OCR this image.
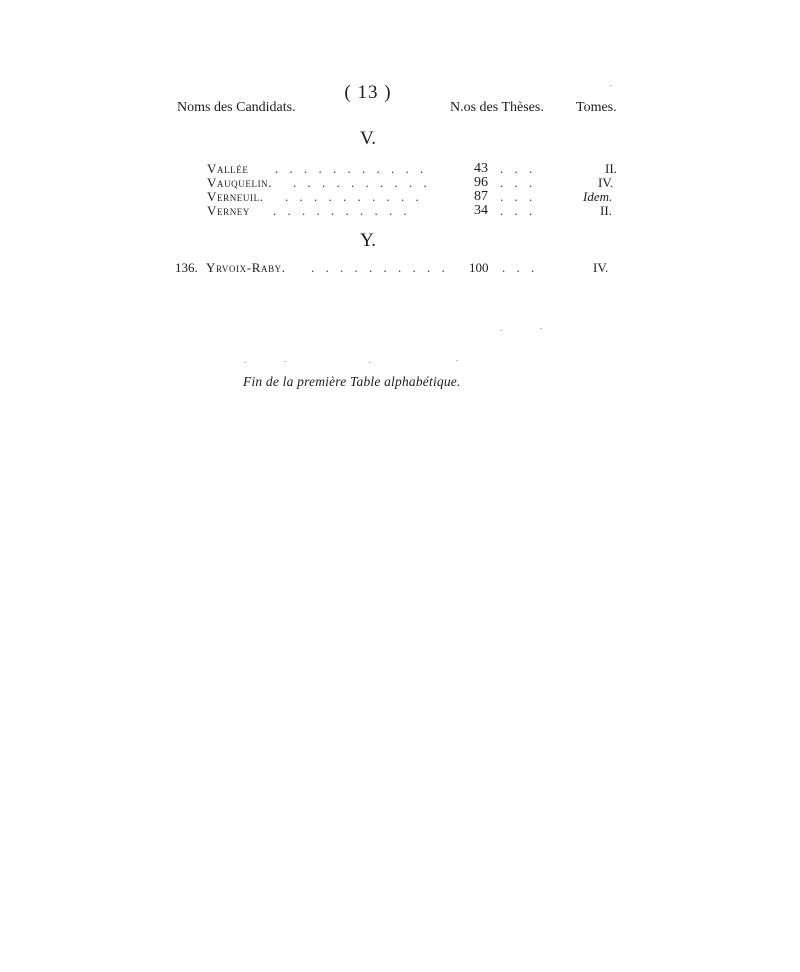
( 13 )
Noms des Candidats.	N.os des Thèses. Tomes.
V.
Vallée . . . . . . . . . . .	43 . . .	II.
Vauquelin. . . . . . . . . . .	96 . . .	IV.
Verneuil. . . . . . . . . . .	87 . . .	Idem.
Verney . . . . . . . . . .	34 . . .	II.
Y.
136. Yrvoix-Raby. . . . . . . . . . .	100 . . .	IV.
Fin de la première Table alphabétique.
